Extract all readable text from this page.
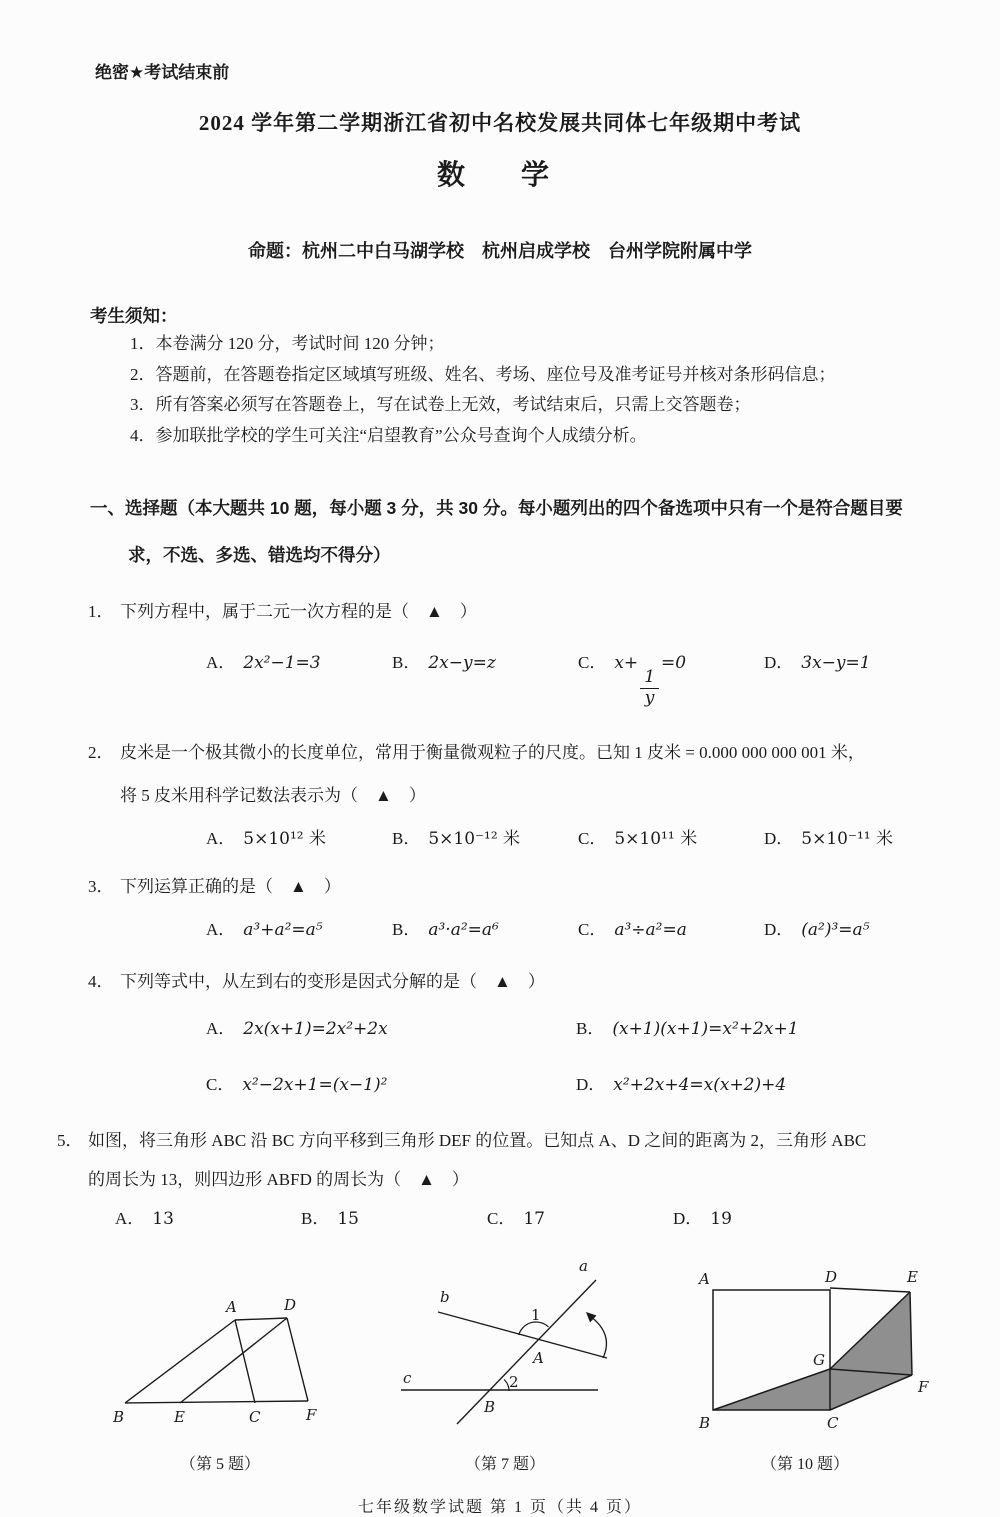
绝密★考试结束前
2024 学年第二学期浙江省初中名校发展共同体七年级期中考试
数　学
命题：杭州二中白马湖学校　杭州启成学校　台州学院附属中学
考生须知：
1．本卷满分 120 分，考试时间 120 分钟；
2．答题前，在答题卷指定区域填写班级、姓名、考场、座位号及准考证号并核对条形码信息；
3．所有答案必须写在答题卷上，写在试卷上无效，考试结束后，只需上交答题卷；
4．参加联批学校的学生可关注“启望教育”公众号查询个人成绩分析。
一、选择题（本大题共 10 题，每小题 3 分，共 30 分。每小题列出的四个备选项中只有一个是符合题目要
求，不选、多选、错选均不得分）
1． 下列方程中，属于二元一次方程的是（　▲　）
A． 2x²−1=3	B． 2x−y=z	C． x+
$\frac{1}{y}$
=0	D． 3x−y=1
2． 皮米是一个极其微小的长度单位，常用于衡量微观粒子的尺度。已知 1 皮米 = 0.000 000 000 001 米，
将 5 皮米用科学记数法表示为（　▲　）
A． 5×10¹² 米	B． 5×10⁻¹² 米	C． 5×10¹¹ 米	D． 5×10⁻¹¹ 米
3． 下列运算正确的是（　▲　）
A． a³+a²=a⁵	B． a³·a²=a⁶	C． a³÷a²=a	D． (a²)³=a⁵
4． 下列等式中，从左到右的变形是因式分解的是（　▲　）
A． 2x(x+1)=2x²+2x	B． (x+1)(x+1)=x²+2x+1
C． x²−2x+1=(x−1)²	D． x²+2x+4=x(x+2)+4
5． 如图，将三角形 ABC 沿 BC 方向平移到三角形 DEF 的位置。已知点 A、D 之间的距离为 2，三角形 ABC
的周长为 13，则四边形 ABFD 的周长为（　▲　）
A． 13	B． 15	C． 17	D． 19
A	D
B	E	C	F
（第 5 题）
a
b
c
1
A
2
B
（第 7 题）
A	D	E
G
B	C
F
（第 10 题）
七年级数学试题 第 1 页（共 4 页）
